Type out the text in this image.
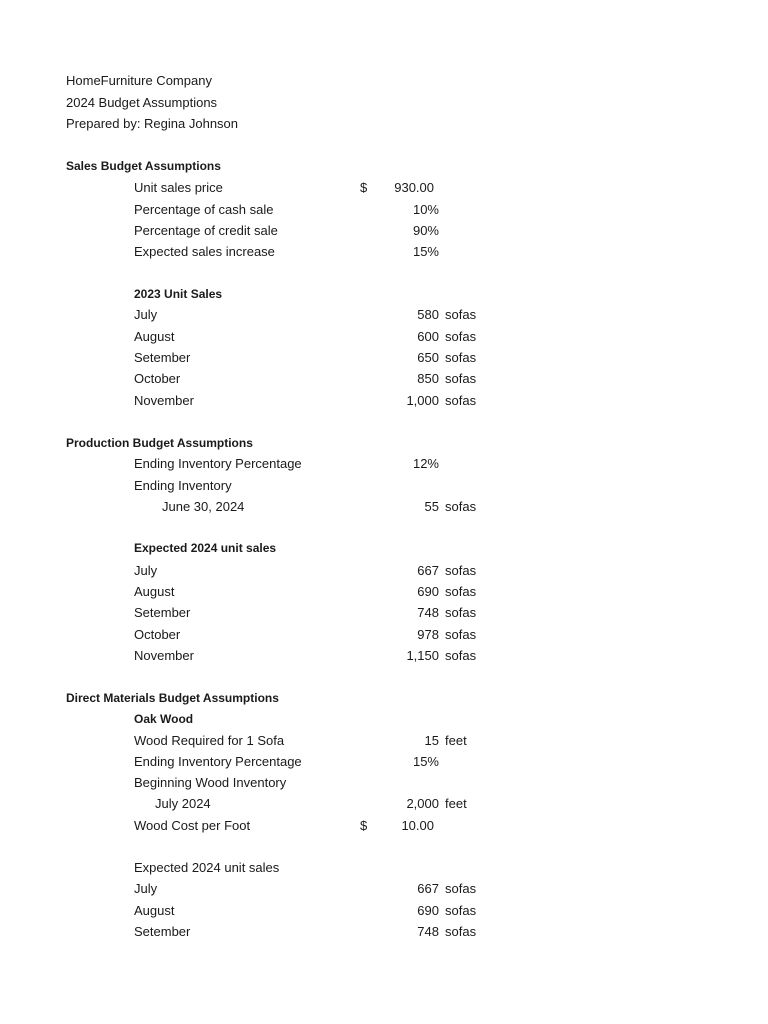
HomeFurniture Company
2024 Budget Assumptions
Prepared by: Regina Johnson
Sales Budget Assumptions
Unit sales price	$ 930.00
Percentage of cash sale	10%
Percentage of credit sale	90%
Expected sales increase	15%
2023 Unit Sales
July	580 sofas
August	600 sofas
Setember	650 sofas
October	850 sofas
November	1,000 sofas
Production Budget Assumptions
Ending Inventory Percentage	12%
Ending Inventory
June 30, 2024	55 sofas
Expected 2024 unit sales
July	667 sofas
August	690 sofas
Setember	748 sofas
October	978 sofas
November	1,150 sofas
Direct Materials Budget Assumptions
Oak Wood
Wood Required for 1 Sofa	15 feet
Ending Inventory Percentage	15%
Beginning Wood Inventory
July 2024	2,000 feet
Wood Cost per Foot	$	10.00
Expected 2024 unit sales
July	667 sofas
August	690 sofas
Setember	748 sofas
